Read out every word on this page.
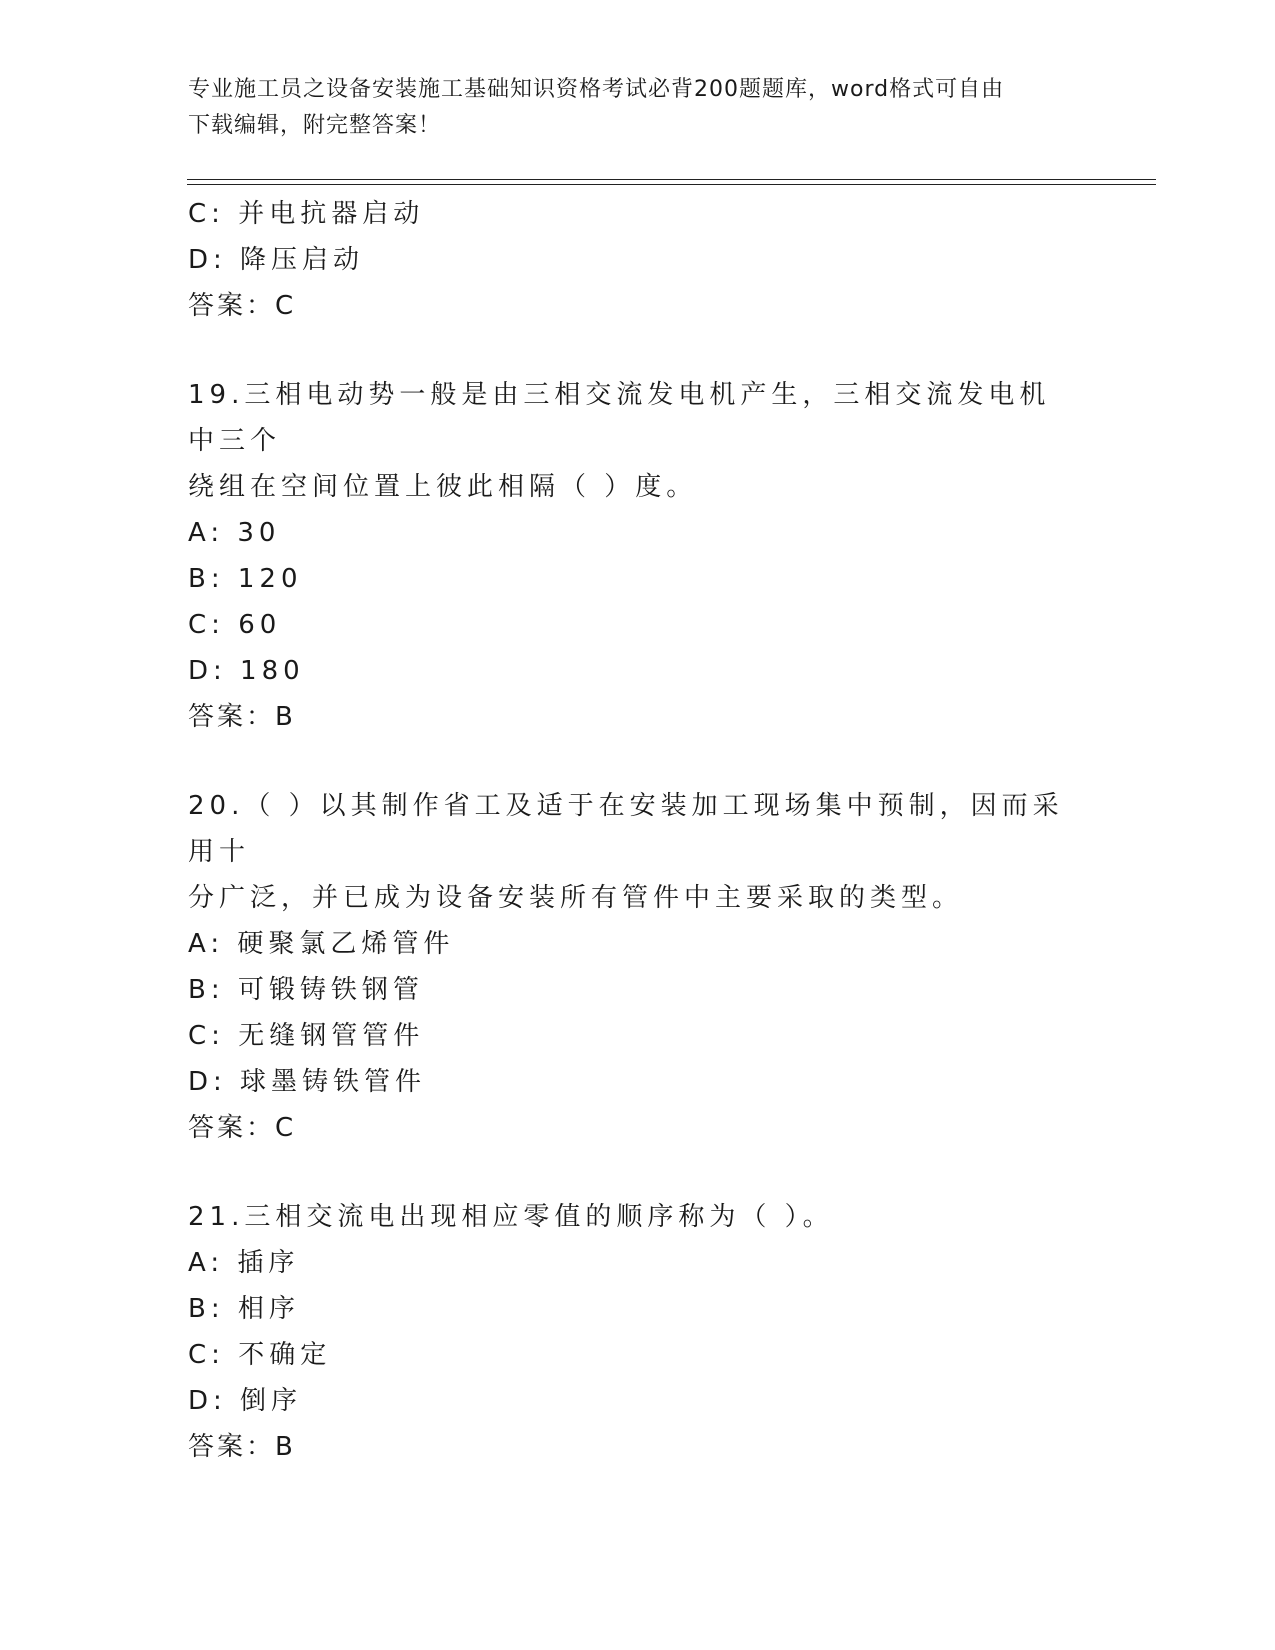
专业施工员之设备安装施工基础知识资格考试必背200题题库，word格式可自由
下载编辑，附完整答案！
C: 并电抗器启动
D: 降压启动
答案：C
19.三相电动势一般是由三相交流发电机产生，三相交流发电机中三个
绕组在空间位置上彼此相隔（ ）度。
A: 30
B: 120
C: 60
D: 180
答案：B
20.（ ）以其制作省工及适于在安装加工现场集中预制，因而采用十
分广泛，并已成为设备安装所有管件中主要采取的类型。
A: 硬聚氯乙烯管件
B: 可锻铸铁钢管
C: 无缝钢管管件
D: 球墨铸铁管件
答案：C
21.三相交流电出现相应零值的顺序称为（ ）。
A: 插序
B: 相序
C: 不确定
D: 倒序
答案：B
